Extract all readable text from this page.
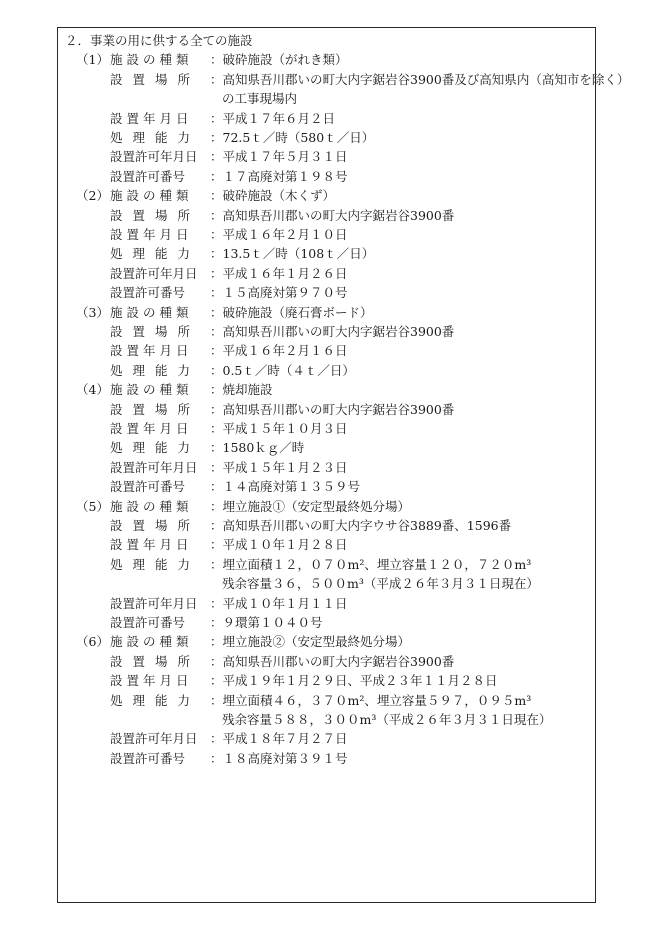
２．事業の用に供する全ての施設
（1） 施設の種類	：破砕施設（がれき類）
設置場所 ：高知県吾川郡いの町大内字鋸岩谷3900番及び高知県内（高知市を除く）
の工事現場内
設置年月日	：平成１７年６月２日
処理能力 ：72.5ｔ／時（580ｔ／日）
設置許可年月日 ：平成１７年５月３１日
設置許可番号	：１７高廃対第１９８号
（2） 施設の種類	：破砕施設（木くず）
設置場所 ：高知県吾川郡いの町大内字鋸岩谷3900番
設置年月日	：平成１６年２月１０日
処理能力 ：13.5ｔ／時（108ｔ／日）
設置許可年月日 ：平成１６年１月２６日
設置許可番号	：１５高廃対第９７０号
（3） 施設の種類	：破砕施設（廃石膏ボード）
設置場所 ：高知県吾川郡いの町大内字鋸岩谷3900番
設置年月日	：平成１６年２月１６日
処理能力 ：0.5ｔ／時（４ｔ／日）
（4） 施設の種類	：焼却施設
設置場所 ：高知県吾川郡いの町大内字鋸岩谷3900番
設置年月日	：平成１５年１０月３日
処理能力 ：1580ｋｇ／時
設置許可年月日 ：平成１５年１月２３日
設置許可番号	：１４高廃対第１３５９号
（5） 施設の種類	：埋立施設①（安定型最終処分場）
設置場所 ：高知県吾川郡いの町大内字ウサ谷3889番、1596番
設置年月日	：平成１０年１月２８日
処理能力 ：埋立面積１２，０７０m²、埋立容量１２０，７２０m³
残余容量３６，５００m³（平成２６年３月３１日現在）
設置許可年月日 ：平成１０年１月１１日
設置許可番号	：９環第１０４０号
（6） 施設の種類	：埋立施設②（安定型最終処分場）
設置場所 ：高知県吾川郡いの町大内字鋸岩谷3900番
設置年月日	：平成１９年１月２９日、平成２３年１１月２８日
処理能力 ：埋立面積４６，３７０m²、埋立容量５９７，０９５m³
残余容量５８８，３００m³（平成２６年３月３１日現在）
設置許可年月日 ：平成１８年７月２７日
設置許可番号	：１８高廃対第３９１号
